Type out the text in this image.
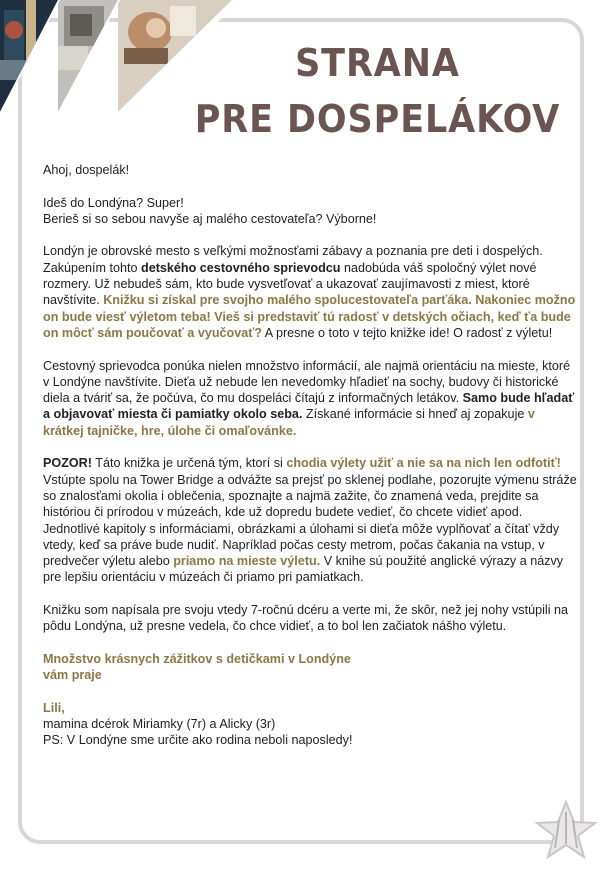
STRANA
PRE DOSPELÁKOV

Ahoj, dospelák!

Ideš do Londýna? Super!
Berieš si so sebou navyše aj malého cestovateľa? Výborne!

Londýn je obrovské mesto s veľkými možnosťami zábavy a poznania pre deti i dospelých. Zakúpením tohto detského cestovného sprievodcu nadobúda váš spoločný výlet nové rozmery. Už nebudeš sám, kto bude vysvetľovať a ukazovať zaujímavosti z miest, ktoré navštívite. Knižku si získal pre svojho malého spolucestovateľa parťáka. Nakoniec možno on bude viesť výletom teba! Vieš si predstaviť tú radosť v detských očiach, keď ťa bude on môcť sám poučovať a vyučovať? A presne o toto v tejto knižke ide! O radosť z výletu!

Cestovný sprievodca ponúka nielen množstvo informácií, ale najmä orientáciu na mieste, ktoré v Londýne navštívite. Dieťa už nebude len nevedomky hľadieť na sochy, budovy či historické diela a tváriť sa, že počúva, čo mu dospeláci čítajú z informačných letákov. Samo bude hľadať a objavovať miesta či pamiatky okolo seba. Získané informácie si hneď aj zopakuje v krátkej tajničke, hre, úlohe či omaľovánke.

POZOR! Táto knižka je určená tým, ktorí si chodia výlety užiť a nie sa na nich len odfotiť! Vstúpte spolu na Tower Bridge a odvážte sa prejsť po sklenej podlahe, pozorujte výmenu stráže so znalosťami okolia i oblečenia, spoznajte a najmä zažite, čo znamená veda, prejdite sa históriou či prírodou v múzeách, kde už dopredu budete vedieť, čo chcete vidieť apod. Jednotlivé kapitoly s informáciami, obrázkami a úlohami si dieťa môže vyplňovať a čítať vždy vtedy, keď sa práve bude nudiť. Napríklad počas cesty metrom, počas čakania na vstup, v predvečer výletu alebo priamo na mieste výletu. V knihe sú použité anglické výrazy a názvy pre lepšiu orientáciu v múzeách či priamo pri pamiatkach.

Knižku som napísala pre svoju vtedy 7-ročnú dcéru a verte mi, že skôr, než jej nohy vstúpili na pôdu Londýna, už presne vedela, čo chce vidieť, a to bol len začiatok nášho výletu.

Množstvo krásnych zážitkov s detičkami v Londýne
vám praje

Lili,
mamina dcérok Miriamky (7r) a Alicky (3r)
PS: V Londýne sme určite ako rodina neboli naposledy!
